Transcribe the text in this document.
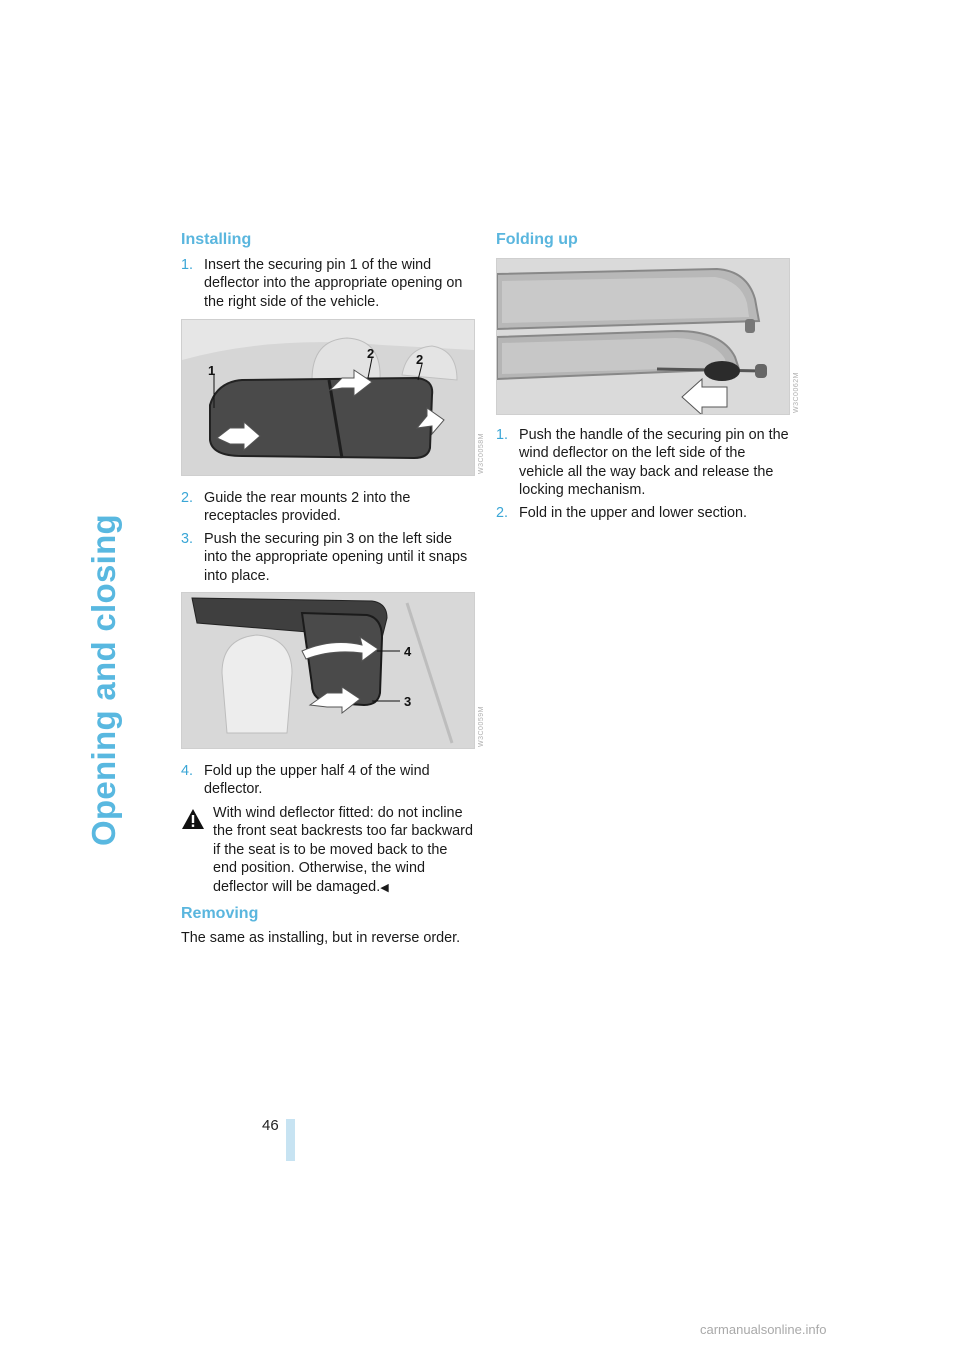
Opening and closing
Installing
1. Insert the securing pin 1 of the wind deflector into the appropriate opening on the right side of the vehicle.
1
2	2
W3C0058M
2. Guide the rear mounts 2 into the receptacles provided.
3. Push the securing pin 3 on the left side into the appropriate opening until it snaps into place.
4
3
W3C0059M
4. Fold up the upper half 4 of the wind deflector.

With wind deflector fitted: do not incline the front seat backrests too far backward if the seat is to be moved back to the end position. Otherwise, the wind deflector will be damaged.◀

Removing
The same as installing, but in reverse order.
Folding up
W3C0062M
1. Push the handle of the securing pin on the wind deflector on the left side of the vehicle all the way back and release the locking mechanism.
2. Fold in the upper and lower section.
46
carmanualsonline.info
